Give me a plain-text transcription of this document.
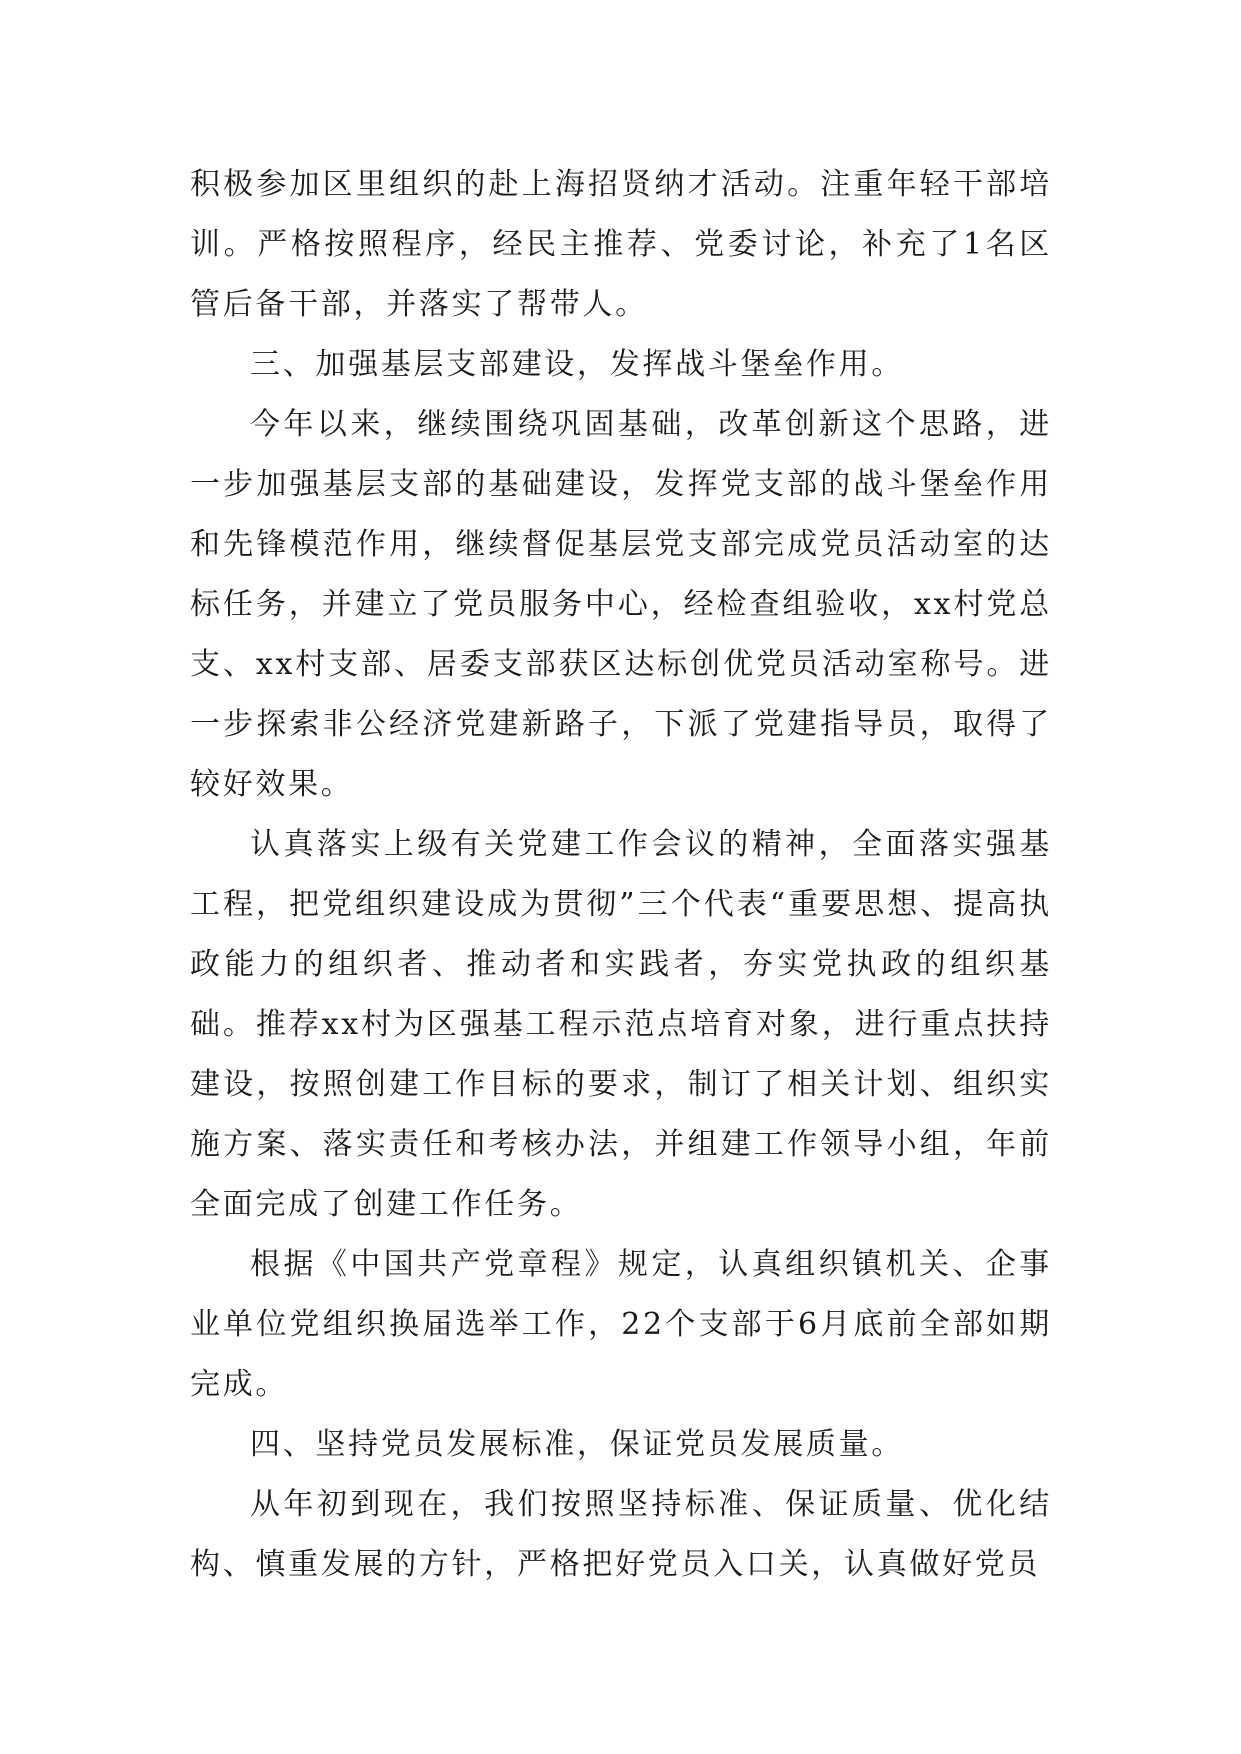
积极参加区里组织的赴上海招贤纳才活动。注重年轻干部培训。严格按照程序，经民主推荐、党委讨论，补充了1名区管后备干部，并落实了帮带人。

三、加强基层支部建设，发挥战斗堡垒作用。

今年以来，继续围绕巩固基础，改革创新这个思路，进一步加强基层支部的基础建设，发挥党支部的战斗堡垒作用和先锋模范作用，继续督促基层党支部完成党员活动室的达标任务，并建立了党员服务中心，经检查组验收，xx村党总支、xx村支部、居委支部获区达标创优党员活动室称号。进一步探索非公经济党建新路子，下派了党建指导员，取得了较好效果。

认真落实上级有关党建工作会议的精神，全面落实强基工程，把党组织建设成为贯彻”三个代表“重要思想、提高执政能力的组织者、推动者和实践者，夯实党执政的组织基础。推荐xx村为区强基工程示范点培育对象，进行重点扶持建设，按照创建工作目标的要求，制订了相关计划、组织实施方案、落实责任和考核办法，并组建工作领导小组，年前全面完成了创建工作任务。

根据《中国共产党章程》规定，认真组织镇机关、企事业单位党组织换届选举工作，22个支部于6月底前全部如期完成。

四、坚持党员发展标准，保证党员发展质量。

从年初到现在，我们按照坚持标准、保证质量、优化结构、慎重发展的方针，严格把好党员入口关，认真做好党员
